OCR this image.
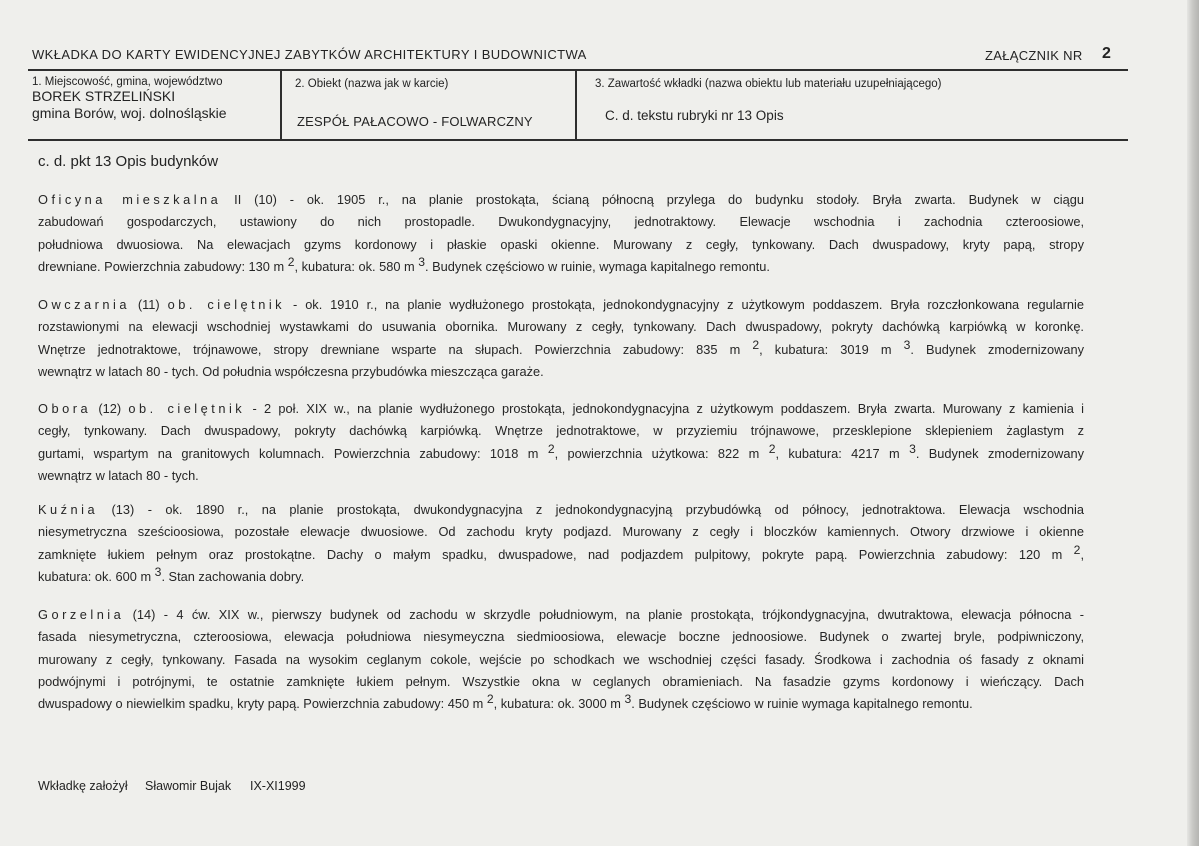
WKŁADKA DO KARTY EWIDENCYJNEJ ZABYTKÓW ARCHITEKTURY I BUDOWNICTWA	ZAŁĄCZNIK NR 2
1. Miejscowość, gmina, województwo
BOREK STRZELIŃSKI
gmina Borów, woj. dolnośląskie
2. Obiekt (nazwa jak w karcie)
ZESPÓŁ PAŁACOWO - FOLWARCZNY
3. Zawartość wkładki (nazwa obiektu lub materiału uzupełniającego)
C. d. tekstu rubryki nr 13 Opis
c. d. pkt 13 Opis budynków
Oficyna mieszkalna II (10) - ok. 1905 r., na planie prostokąta, ścianą północną przylega do budynku stodoły. Bryła zwarta. Budynek w ciągu
zabudowań gospodarczych, ustawiony do nich prostopadle. Dwukondygnacyjny, jednotraktowy. Elewacje wschodnia i zachodnia czteroosiowe,
południowa dwuosiowa. Na elewacjach gzyms kordonowy i płaskie opaski okienne. Murowany z cegły, tynkowany. Dach dwuspadowy, kryty papą, stropy
drewniane. Powierzchnia zabudowy: 130 m $^2$, kubatura: ok. 580 m $^3$. Budynek częściowo w ruinie, wymaga kapitalnego remontu.
Owczarnia (11) ob. cielętnik - ok. 1910 r., na planie wydłużonego prostokąta, jednokondygnacyjny z użytkowym poddaszem. Bryła rozczłonkowana regularnie
rozstawionymi na elewacji wschodniej wystawkami do usuwania obornika. Murowany z cegły, tynkowany. Dach dwuspadowy, pokryty dachówką karpiówką w koronkę.
Wnętrze jednotraktowe, trójnawowe, stropy drewniane wsparte na słupach. Powierzchnia zabudowy: 835 m $^2$, kubatura: 3019 m $^3$. Budynek zmodernizowany
wewnątrz w latach 80 - tych. Od południa współczesna przybudówka mieszcząca garaże.
Obora (12) ob. cielętnik - 2 poł. XIX w., na planie wydłużonego prostokąta, jednokondygnacyjna z użytkowym poddaszem. Bryła zwarta. Murowany z kamienia i
cegły, tynkowany. Dach dwuspadowy, pokryty dachówką karpiówką. Wnętrze jednotraktowe, w przyziemiu trójnawowe, przesklepione sklepieniem żaglastym z
gurtami, wspartym na granitowych kolumnach. Powierzchnia zabudowy: 1018 m $^2$, powierzchnia użytkowa: 822 m $^2$, kubatura: 4217 m $^3$. Budynek zmodernizowany
wewnątrz w latach 80 - tych.
Kuźnia (13) - ok. 1890 r., na planie prostokąta, dwukondygnacyjna z jednokondygnacyjną przybudówką od północy, jednotraktowa. Elewacja wschodnia
niesymetryczna sześcioosiowa, pozostałe elewacje dwuosiowe. Od zachodu kryty podjazd. Murowany z cegły i bloczków kamiennych. Otwory drzwiowe i okienne
zamknięte łukiem pełnym oraz prostokątne. Dachy o małym spadku, dwuspadowe, nad podjazdem pulpitowy, pokryte papą. Powierzchnia zabudowy: 120 m $^2$,
kubatura: ok. 600 m $^3$. Stan zachowania dobry.
Gorzelnia (14) - 4 ćw. XIX w., pierwszy budynek od zachodu w skrzydle południowym, na planie prostokąta, trójkondygnacyjna, dwutraktowa, elewacja północna -
fasada niesymetryczna, czteroosiowa, elewacja południowa niesymeyczna siedmioosiowa, elewacje boczne jednoosiowe. Budynek o zwartej bryle, podpiwniczony,
murowany z cegły, tynkowany. Fasada na wysokim ceglanym cokole, wejście po schodkach we wschodniej części fasady. Środkowa i zachodnia oś fasady z oknami
podwójnymi i potrójnymi, te ostatnie zamknięte łukiem pełnym. Wszystkie okna w ceglanych obramieniach. Na fasadzie gzyms kordonowy i wieńczący. Dach
dwuspadowy o niewielkim spadku, kryty papą. Powierzchnia zabudowy: 450 m $^2$, kubatura: ok. 3000 m $^3$. Budynek częściowo w ruinie wymaga kapitalnego remontu.
Wkładkę założył Sławomir Bujak IX-XI1999
